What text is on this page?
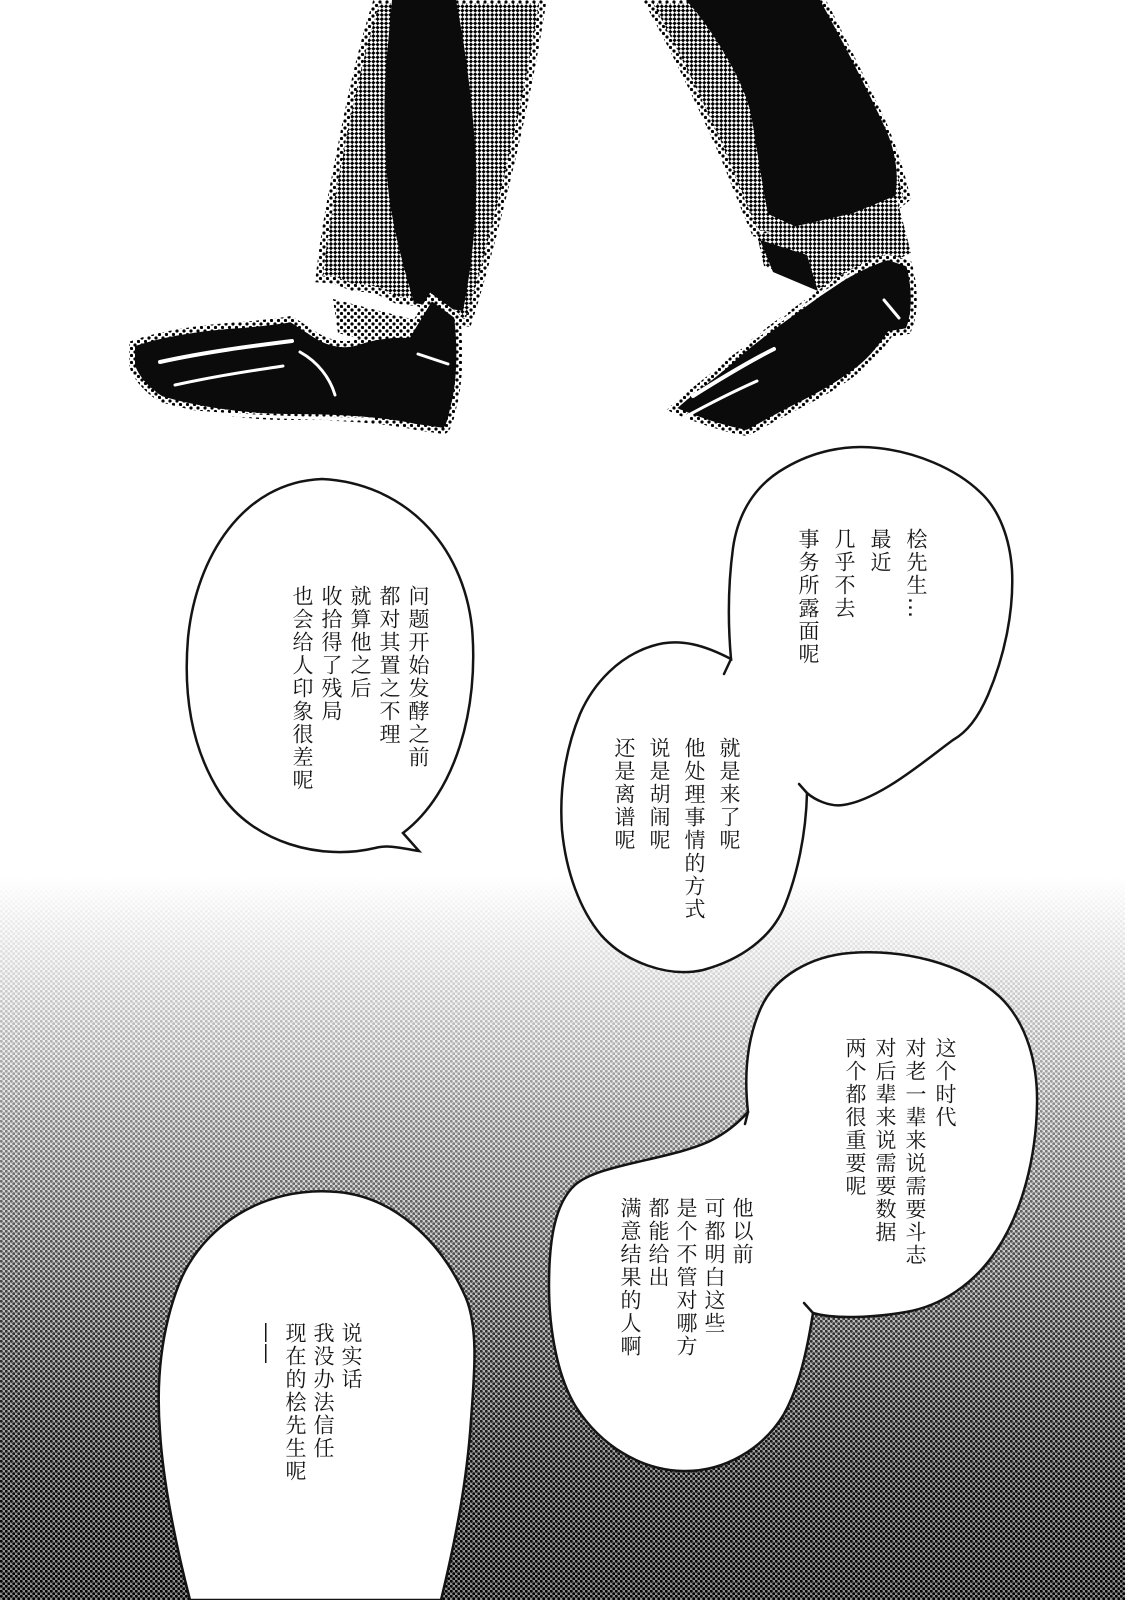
桧先生…
最近
几乎不去
事务所露面呢
就是来了呢
他处理事情的方式
说是胡闹呢
还是离谱呢
问题开始发酵之前
都对其置之不理
就算他之后
收拾得了残局
也会给人印象很差呢
这个时代
对老一辈来说需要斗志
对后辈来说需要数据
两个都很重要呢
他以前
可都明白这些
是个不管对哪方
都能给出
满意结果的人啊
说实话
我没办法信任
现在的桧先生呢
——
